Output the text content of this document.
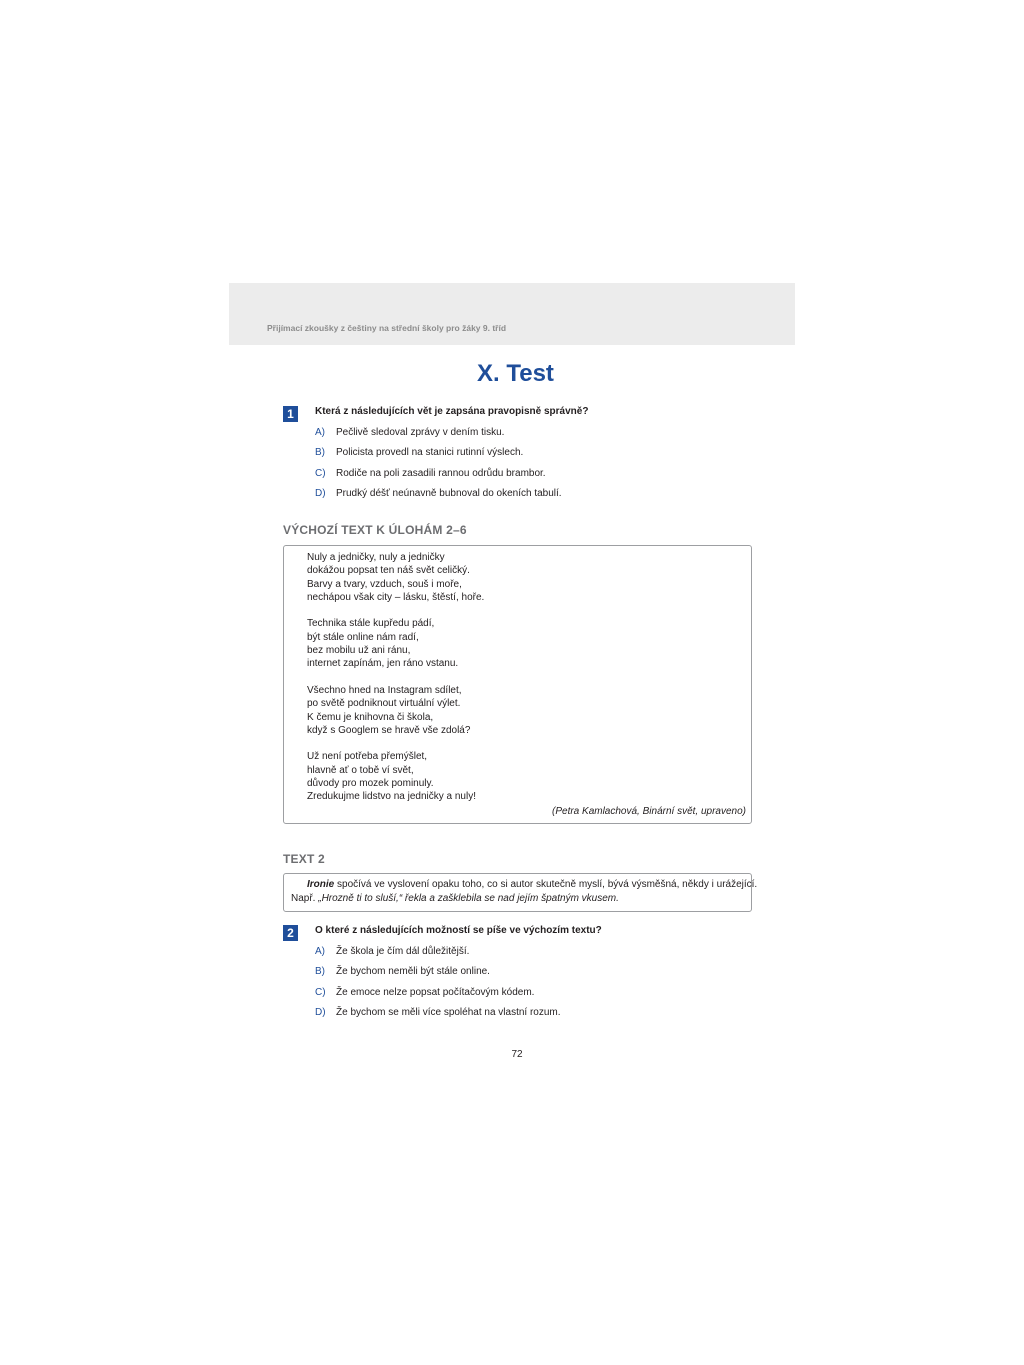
Přijímací zkoušky z češtiny na střední školy pro žáky 9. tříd
X. Test
1	Která z následujících vět je zapsána pravopisně správně?
A) Pečlivě sledoval zprávy v dením tisku.
B) Policista provedl na stanici rutinní výslech.
C) Rodiče na poli zasadili rannou odrůdu brambor.
D) Prudký déšť neúnavně bubnoval do okeních tabulí.
VÝCHOZÍ TEXT K ÚLOHÁM 2–6
Nuly a jedničky, nuly a jedničky
dokážou popsat ten náš svět celičký.
Barvy a tvary, vzduch, souš i moře,
nechápou však city – lásku, štěstí, hoře.
Technika stále kupředu pádí,
být stále online nám radí,
bez mobilu už ani ránu,
internet zapínám, jen ráno vstanu.
Všechno hned na Instagram sdílet,
po světě podniknout virtuální výlet.
K čemu je knihovna či škola,
když s Googlem se hravě vše zdolá?
Už není potřeba přemýšlet,
hlavně ať o tobě ví svět,
důvody pro mozek pominuly.
Zredukujme lidstvo na jedničky a nuly!
(Petra Kamlachová, Binární svět, upraveno)
TEXT 2
Ironie spočívá ve vyslovení opaku toho, co si autor skutečně myslí, bývá výsměšná, někdy i urážející.
Např. „Hrozně ti to sluší,“ řekla a zašklebila se nad jejím špatným vkusem.
2	O které z následujících možností se píše ve výchozím textu?
A) Že škola je čím dál důležitější.
B) Že bychom neměli být stále online.
C) Že emoce nelze popsat počítačovým kódem.
D) Že bychom se měli více spoléhat na vlastní rozum.
72
